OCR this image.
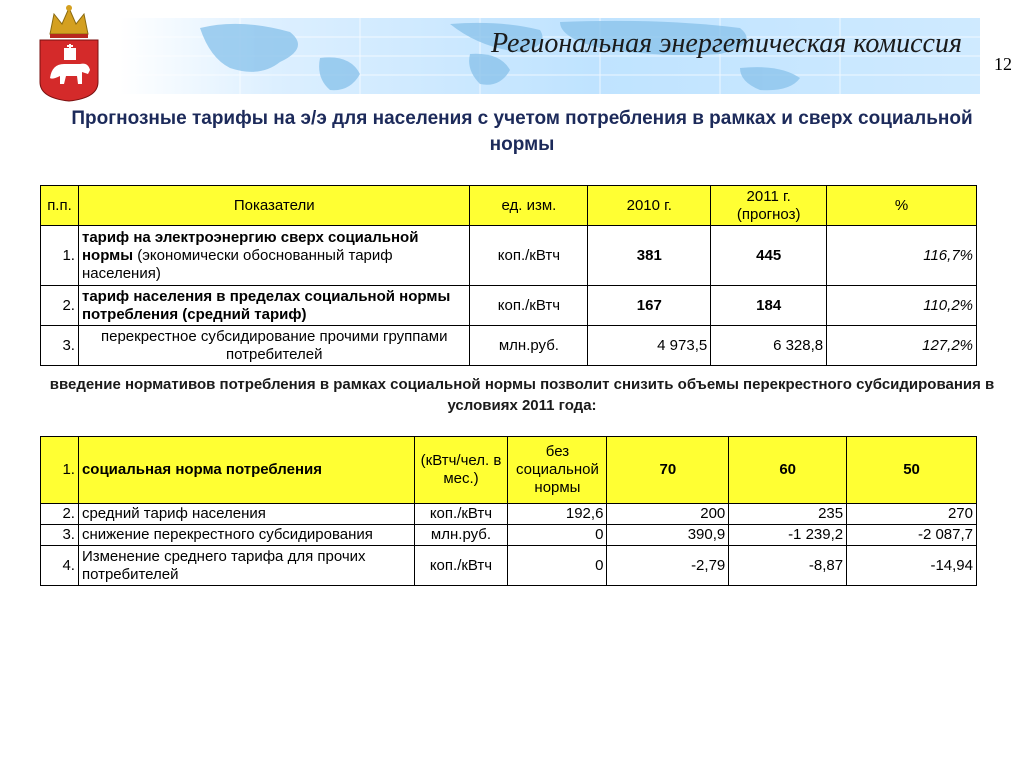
Региональная энергетическая комиссия
12
Прогнозные тарифы на э/э для населения с учетом потребления в рамках и сверх социальной нормы
п.п.	Показатели	ед. изм.	2010 г.	2011 г. (прогноз)	%
1.	тариф на электроэнергию сверх социальной нормы (экономически обоснованный тариф населения)	коп./кВтч	381	445	116,7%
2.	тариф населения в пределах социальной нормы потребления (средний тариф)	коп./кВтч	167	184	110,2%
3.	перекрестное субсидирование прочими группами потребителей	млн.руб.	4 973,5	6 328,8	127,2%
введение нормативов потребления в рамках социальной нормы позволит снизить объемы перекрестного субсидирования в условиях 2011 года:
1.	социальная норма потребления	(кВтч/чел. в мес.)	без социальной нормы	70	60	50
2.	средний тариф населения	коп./кВтч	192,6	200	235	270
3.	снижение перекрестного субсидирования	млн.руб.	0	390,9	-1 239,2	-2 087,7
4.	Изменение среднего тарифа для прочих потребителей	коп./кВтч	0	-2,79	-8,87	-14,94
